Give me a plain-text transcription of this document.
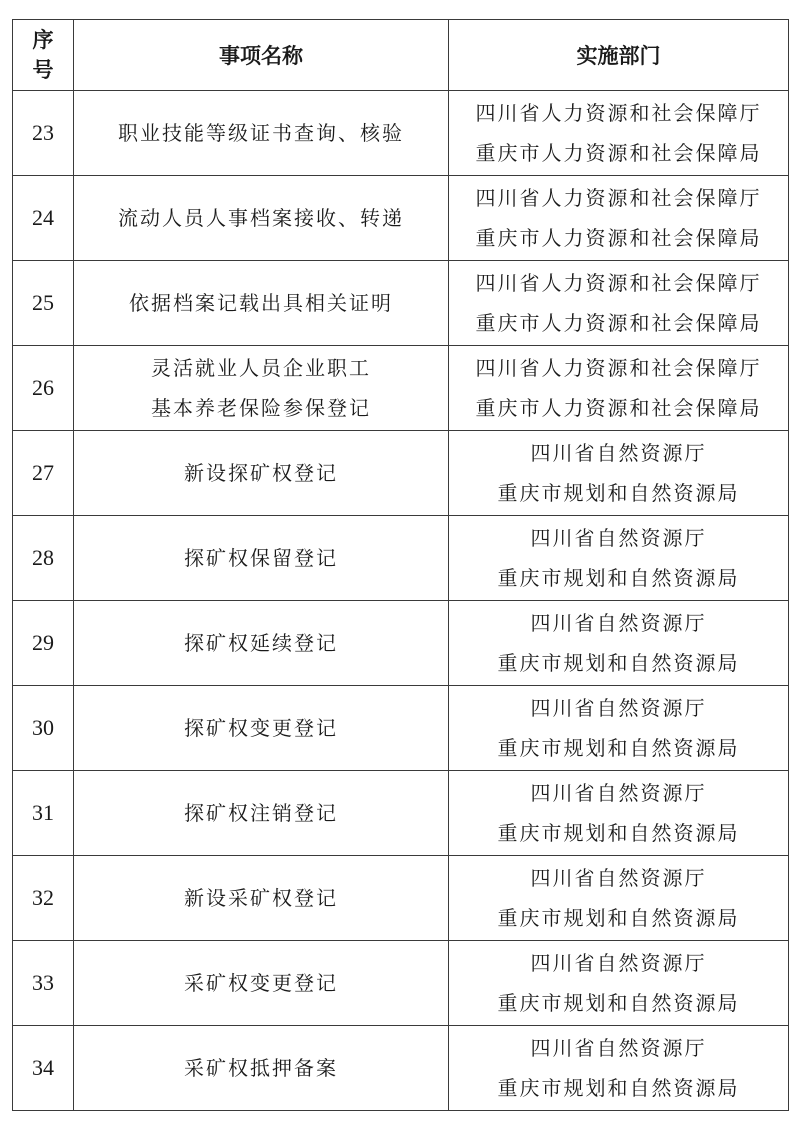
序
号	事项名称	实施部门
23	职业技能等级证书查询、核验	四川省人力资源和社会保障厅
重庆市人力资源和社会保障局

24	流动人员人事档案接收、转递	四川省人力资源和社会保障厅
重庆市人力资源和社会保障局

25	依据档案记载出具相关证明	四川省人力资源和社会保障厅
重庆市人力资源和社会保障局

26	灵活就业人员企业职工
基本养老保险参保登记	四川省人力资源和社会保障厅
重庆市人力资源和社会保障局

27	新设探矿权登记	四川省自然资源厅
重庆市规划和自然资源局

28	探矿权保留登记	四川省自然资源厅
重庆市规划和自然资源局

29	探矿权延续登记	四川省自然资源厅
重庆市规划和自然资源局

30	探矿权变更登记	四川省自然资源厅
重庆市规划和自然资源局

31	探矿权注销登记	四川省自然资源厅
重庆市规划和自然资源局

32	新设采矿权登记	四川省自然资源厅
重庆市规划和自然资源局

33	采矿权变更登记	四川省自然资源厅
重庆市规划和自然资源局

34	采矿权抵押备案	四川省自然资源厅
重庆市规划和自然资源局
